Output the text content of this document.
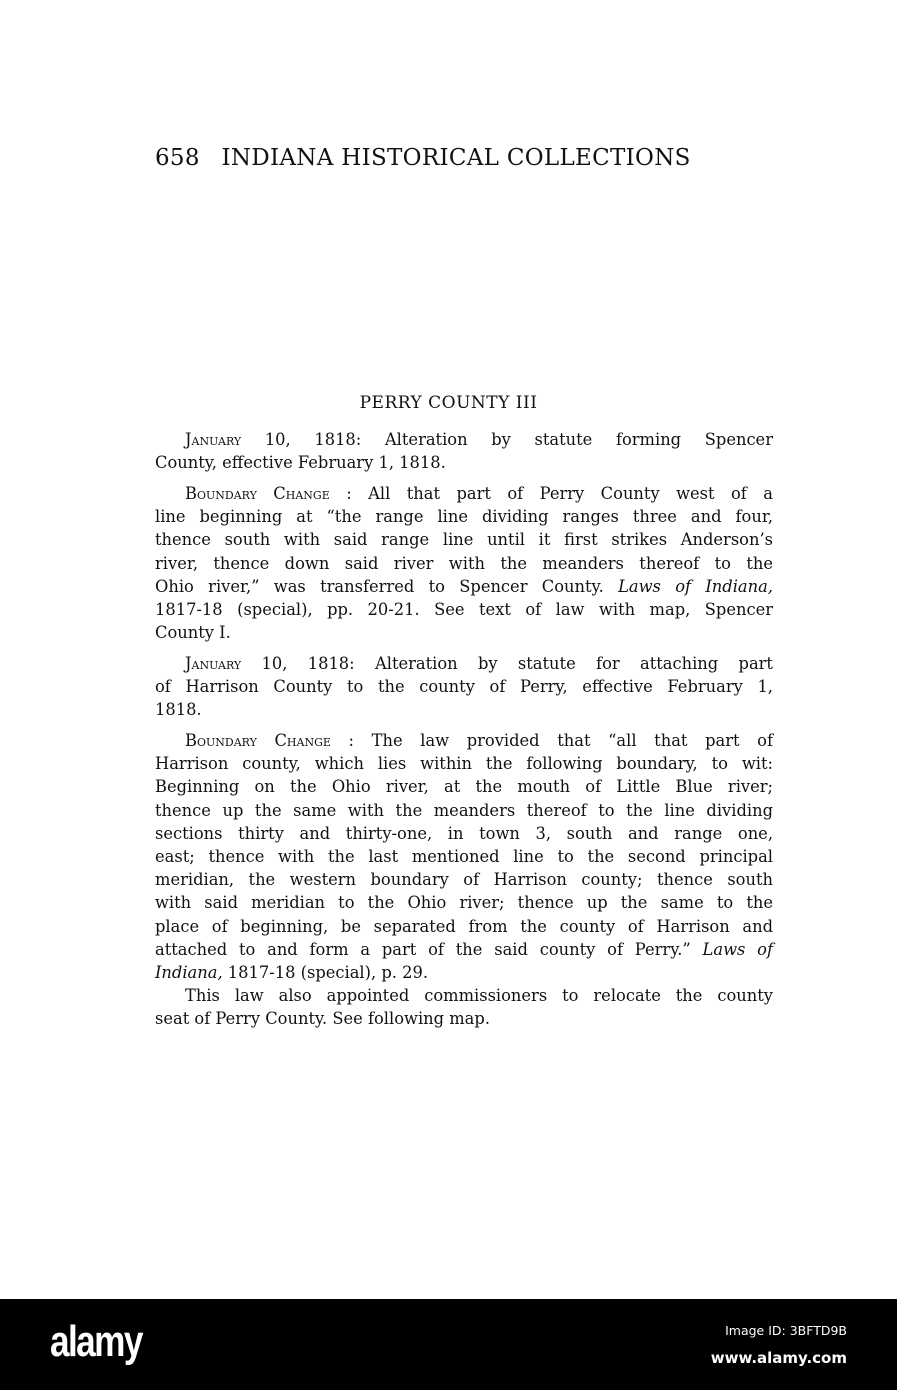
658 INDIANA HISTORICAL COLLECTIONS
PERRY COUNTY III
January 10, 1818: Alteration by statute forming Spencer
County, effective February 1, 1818.
Boundary Change : All that part of Perry County west of a
line beginning at “the range line dividing ranges three and four,
thence south with said range line until it first strikes Anderson’s
river, thence down said river with the meanders thereof to the
Ohio river,” was transferred to Spencer County. Laws of Indiana,
1817-18 (special), pp. 20-21. See text of law with map, Spencer
County I.
January 10, 1818: Alteration by statute for attaching part
of Harrison County to the county of Perry, effective February 1,
1818.
Boundary Change : The law provided that “all that part of
Harrison county, which lies within the following boundary, to wit:
Beginning on the Ohio river, at the mouth of Little Blue river;
thence up the same with the meanders thereof to the line dividing
sections thirty and thirty-one, in town 3, south and range one,
east; thence with the last mentioned line to the second principal
meridian, the western boundary of Harrison county; thence south
with said meridian to the Ohio river; thence up the same to the
place of beginning, be separated from the county of Harrison and
attached to and form a part of the said county of Perry.” Laws of
Indiana, 1817-18 (special), p. 29.
This law also appointed commissioners to relocate the county
seat of Perry County. See following map.
alamy	Image ID: 3BFTD9B
www.alamy.com
